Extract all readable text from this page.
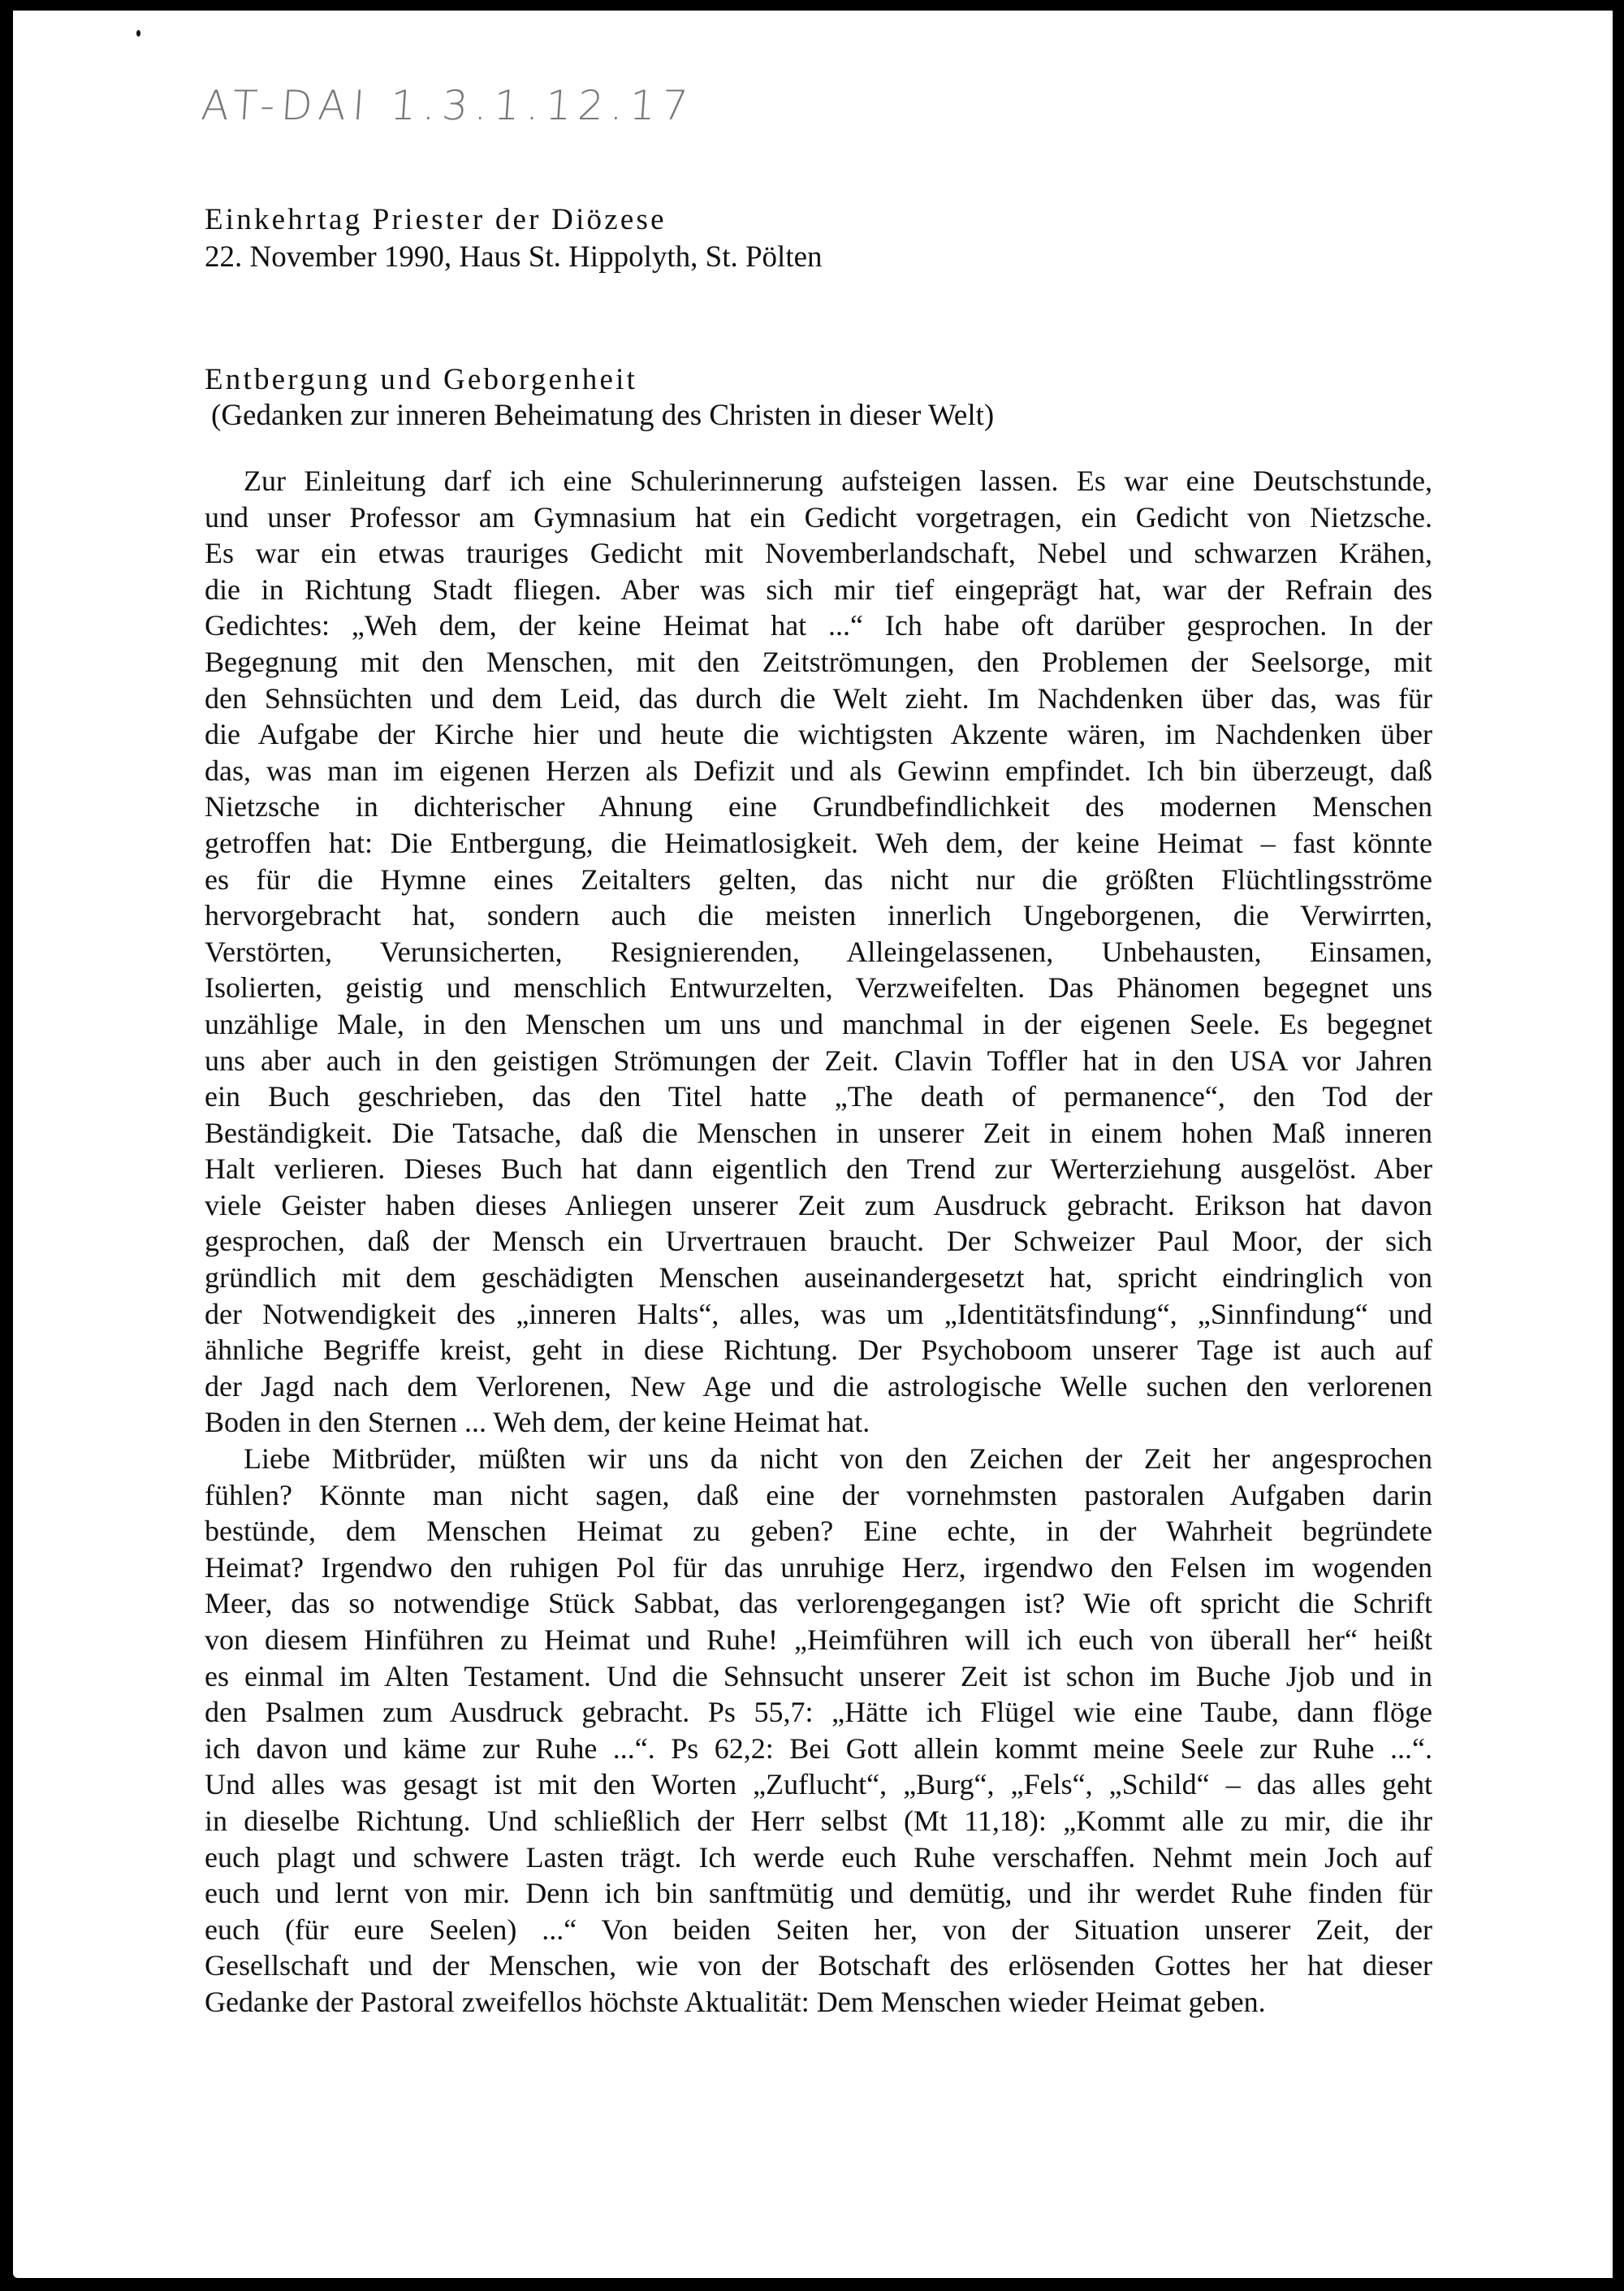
AT-DAI 1.3.1.12.17
Einkehrtag Priester der Diözese
22. November 1990, Haus St. Hippolyth, St. Pölten
Entbergung und Geborgenheit
(Gedanken zur inneren Beheimatung des Christen in dieser Welt)
Zur Einleitung darf ich eine Schulerinnerung aufsteigen lassen. Es war eine Deutschstunde,
und unser Professor am Gymnasium hat ein Gedicht vorgetragen, ein Gedicht von Nietzsche.
Es war ein etwas trauriges Gedicht mit Novemberlandschaft, Nebel und schwarzen Krähen,
die in Richtung Stadt fliegen. Aber was sich mir tief eingeprägt hat, war der Refrain des
Gedichtes: „Weh dem, der keine Heimat hat ...“ Ich habe oft darüber gesprochen. In der
Begegnung mit den Menschen, mit den Zeitströmungen, den Problemen der Seelsorge, mit
den Sehnsüchten und dem Leid, das durch die Welt zieht. Im Nachdenken über das, was für
die Aufgabe der Kirche hier und heute die wichtigsten Akzente wären, im Nachdenken über
das, was man im eigenen Herzen als Defizit und als Gewinn empfindet. Ich bin überzeugt, daß
Nietzsche in dichterischer Ahnung eine Grundbefindlichkeit des modernen Menschen
getroffen hat: Die Entbergung, die Heimatlosigkeit. Weh dem, der keine Heimat – fast könnte
es für die Hymne eines Zeitalters gelten, das nicht nur die größten Flüchtlingsströme
hervorgebracht hat, sondern auch die meisten innerlich Ungeborgenen, die Verwirrten,
Verstörten, Verunsicherten, Resignierenden, Alleingelassenen, Unbehausten, Einsamen,
Isolierten, geistig und menschlich Entwurzelten, Verzweifelten. Das Phänomen begegnet uns
unzählige Male, in den Menschen um uns und manchmal in der eigenen Seele. Es begegnet
uns aber auch in den geistigen Strömungen der Zeit. Clavin Toffler hat in den USA vor Jahren
ein Buch geschrieben, das den Titel hatte „The death of permanence“, den Tod der
Beständigkeit. Die Tatsache, daß die Menschen in unserer Zeit in einem hohen Maß inneren
Halt verlieren. Dieses Buch hat dann eigentlich den Trend zur Werterziehung ausgelöst. Aber
viele Geister haben dieses Anliegen unserer Zeit zum Ausdruck gebracht. Erikson hat davon
gesprochen, daß der Mensch ein Urvertrauen braucht. Der Schweizer Paul Moor, der sich
gründlich mit dem geschädigten Menschen auseinandergesetzt hat, spricht eindringlich von
der Notwendigkeit des „inneren Halts“, alles, was um „Identitätsfindung“, „Sinnfindung“ und
ähnliche Begriffe kreist, geht in diese Richtung. Der Psychoboom unserer Tage ist auch auf
der Jagd nach dem Verlorenen, New Age und die astrologische Welle suchen den verlorenen
Boden in den Sternen ... Weh dem, der keine Heimat hat.
Liebe Mitbrüder, müßten wir uns da nicht von den Zeichen der Zeit her angesprochen
fühlen? Könnte man nicht sagen, daß eine der vornehmsten pastoralen Aufgaben darin
bestünde, dem Menschen Heimat zu geben? Eine echte, in der Wahrheit begründete
Heimat? Irgendwo den ruhigen Pol für das unruhige Herz, irgendwo den Felsen im wogenden
Meer, das so notwendige Stück Sabbat, das verlorengegangen ist? Wie oft spricht die Schrift
von diesem Hinführen zu Heimat und Ruhe! „Heimführen will ich euch von überall her“ heißt
es einmal im Alten Testament. Und die Sehnsucht unserer Zeit ist schon im Buche Jjob und in
den Psalmen zum Ausdruck gebracht. Ps 55,7: „Hätte ich Flügel wie eine Taube, dann flöge
ich davon und käme zur Ruhe ...“. Ps 62,2: Bei Gott allein kommt meine Seele zur Ruhe ...“.
Und alles was gesagt ist mit den Worten „Zuflucht“, „Burg“, „Fels“, „Schild“ – das alles geht
in dieselbe Richtung. Und schließlich der Herr selbst (Mt 11,18): „Kommt alle zu mir, die ihr
euch plagt und schwere Lasten trägt. Ich werde euch Ruhe verschaffen. Nehmt mein Joch auf
euch und lernt von mir. Denn ich bin sanftmütig und demütig, und ihr werdet Ruhe finden für
euch (für eure Seelen) ...“ Von beiden Seiten her, von der Situation unserer Zeit, der
Gesellschaft und der Menschen, wie von der Botschaft des erlösenden Gottes her hat dieser
Gedanke der Pastoral zweifellos höchste Aktualität: Dem Menschen wieder Heimat geben.
